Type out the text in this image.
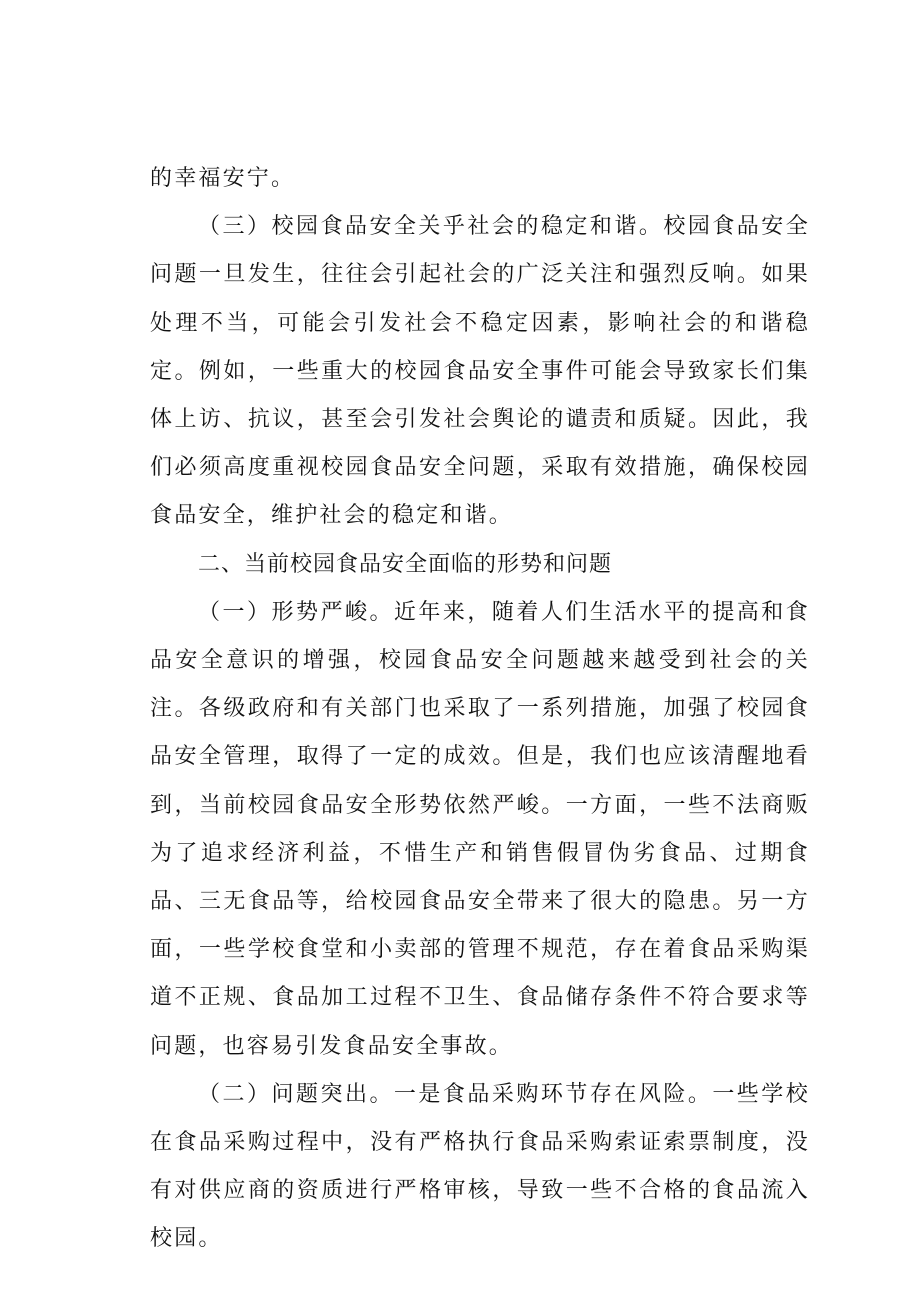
的幸福安宁。

（三）校园食品安全关乎社会的稳定和谐。校园食品安全问题一旦发生，往往会引起社会的广泛关注和强烈反响。如果处理不当，可能会引发社会不稳定因素，影响社会的和谐稳定。例如，一些重大的校园食品安全事件可能会导致家长们集体上访、抗议，甚至会引发社会舆论的谴责和质疑。因此，我们必须高度重视校园食品安全问题，采取有效措施，确保校园食品安全，维护社会的稳定和谐。

二、当前校园食品安全面临的形势和问题

（一）形势严峻。近年来，随着人们生活水平的提高和食品安全意识的增强，校园食品安全问题越来越受到社会的关注。各级政府和有关部门也采取了一系列措施，加强了校园食品安全管理，取得了一定的成效。但是，我们也应该清醒地看到，当前校园食品安全形势依然严峻。一方面，一些不法商贩为了追求经济利益，不惜生产和销售假冒伪劣食品、过期食品、三无食品等，给校园食品安全带来了很大的隐患。另一方面，一些学校食堂和小卖部的管理不规范，存在着食品采购渠道不正规、食品加工过程不卫生、食品储存条件不符合要求等问题，也容易引发食品安全事故。

（二）问题突出。一是食品采购环节存在风险。一些学校在食品采购过程中，没有严格执行食品采购索证索票制度，没有对供应商的资质进行严格审核，导致一些不合格的食品流入校园。
